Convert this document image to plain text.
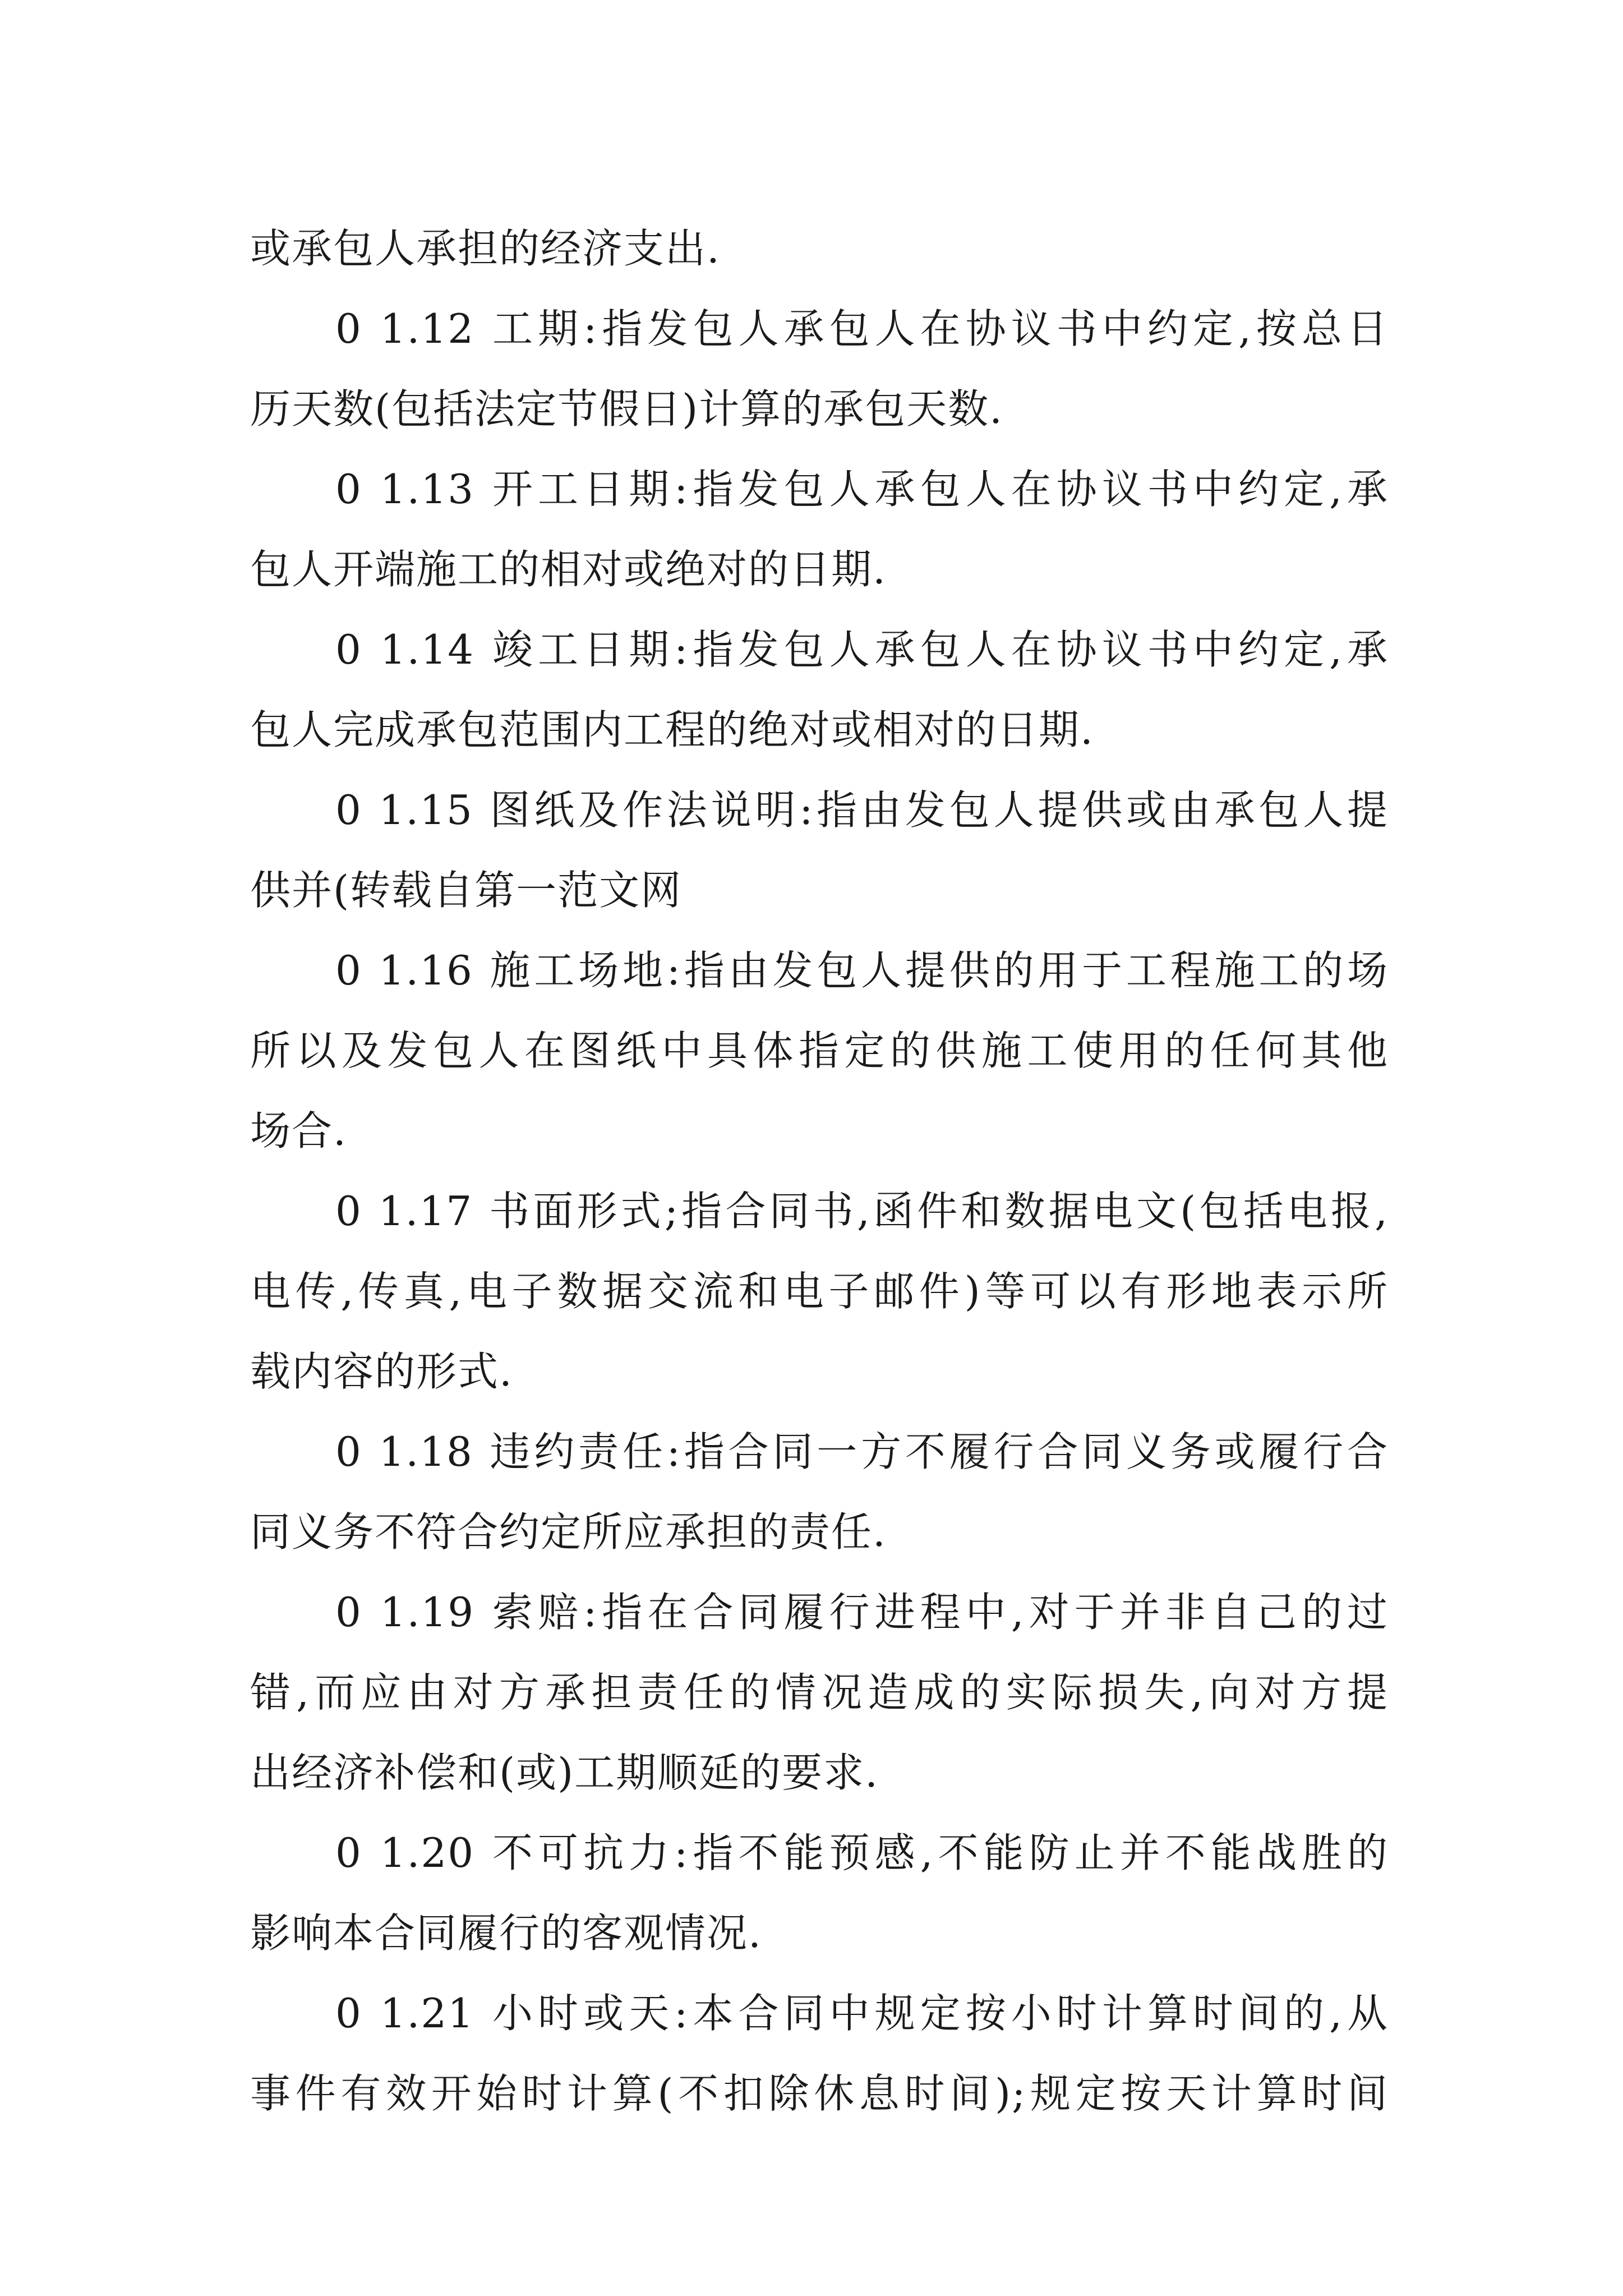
或承包人承担的经济支出.
0 1.12 工期:指发包人承包人在协议书中约定,按总日
历天数(包括法定节假日)计算的承包天数.
0 1.13 开工日期:指发包人承包人在协议书中约定,承
包人开端施工的相对或绝对的日期.
0 1.14 竣工日期:指发包人承包人在协议书中约定,承
包人完成承包范围内工程的绝对或相对的日期.
0 1.15 图纸及作法说明:指由发包人提供或由承包人提
供并(转载自第一范文网
0 1.16 施工场地:指由发包人提供的用于工程施工的场
所以及发包人在图纸中具体指定的供施工使用的任何其他
场合.
0 1.17 书面形式;指合同书,函件和数据电文(包括电报,
电传,传真,电子数据交流和电子邮件)等可以有形地表示所
载内容的形式.
0 1.18 违约责任:指合同一方不履行合同义务或履行合
同义务不符合约定所应承担的责任.
0 1.19 索赔:指在合同履行进程中,对于并非自己的过
错,而应由对方承担责任的情况造成的实际损失,向对方提
出经济补偿和(或)工期顺延的要求.
0 1.20 不可抗力:指不能预感,不能防止并不能战胜的
影响本合同履行的客观情况.
0 1.21 小时或天:本合同中规定按小时计算时间的,从
事件有效开始时计算(不扣除休息时间);规定按天计算时间
